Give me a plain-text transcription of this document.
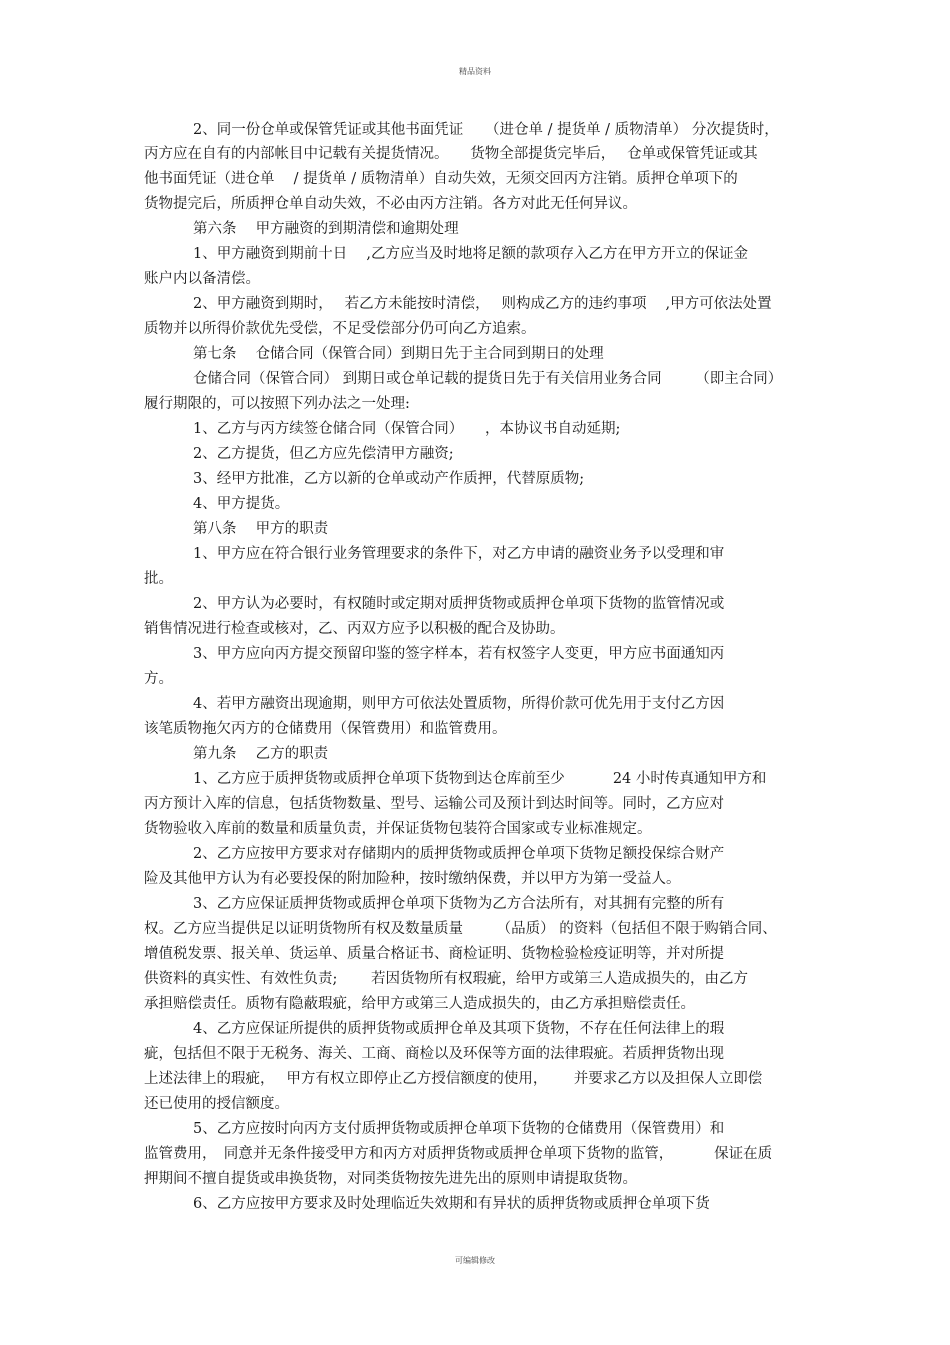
精品资料
2、同一份仓单或保管凭证或其他书面凭证　　（进仓单 / 提货单 / 质物清单） 分次提货时，
丙方应在自有的内部帐目中记载有关提货情况。　　货物全部提货完毕后，　 仓单或保管凭证或其
他书面凭证（进仓单　 / 提货单 / 质物清单）自动失效，无须交回丙方注销。质押仓单项下的
货物提完后，所质押仓单自动失效，不必由丙方注销。各方对此无任何异议。
第六条　 甲方融资的到期清偿和逾期处理
1、甲方融资到期前十日　 ,乙方应当及时地将足额的款项存入乙方在甲方开立的保证金
账户内以备清偿。
2、甲方融资到期时，　 若乙方未能按时清偿，　 则构成乙方的违约事项　 ,甲方可依法处置
质物并以所得价款优先受偿，不足受偿部分仍可向乙方追索。
第七条　 仓储合同（保管合同）到期日先于主合同到期日的处理
仓储合同（保管合同） 到期日或仓单记载的提货日先于有关信用业务合同　　 （即主合同）
履行期限的，可以按照下列办法之一处理:
1、乙方与丙方续签仓储合同（保管合同）　　，本协议书自动延期;
2、乙方提货，但乙方应先偿清甲方融资;
3、经甲方批准，乙方以新的仓单或动产作质押，代替原质物;
4、甲方提货。
第八条　 甲方的职责
1、甲方应在符合银行业务管理要求的条件下，对乙方申请的融资业务予以受理和审
批。
2、甲方认为必要时，有权随时或定期对质押货物或质押仓单项下货物的监管情况或
销售情况进行检查或核对，乙、丙双方应予以积极的配合及协助。
3、甲方应向丙方提交预留印鉴的签字样本，若有权签字人变更，甲方应书面通知丙
方。
4、若甲方融资出现逾期，则甲方可依法处置质物，所得价款可优先用于支付乙方因
该笔质物拖欠丙方的仓储费用（保管费用）和监管费用。
第九条　 乙方的职责
1、乙方应于质押货物或质押仓单项下货物到达仓库前至少　　　 24 小时传真通知甲方和
丙方预计入库的信息，包括货物数量、型号、运输公司及预计到达时间等。同时，乙方应对
货物验收入库前的数量和质量负责，并保证货物包装符合国家或专业标准规定。
2、乙方应按甲方要求对存储期内的质押货物或质押仓单项下货物足额投保综合财产
险及其他甲方认为有必要投保的附加险种，按时缴纳保费，并以甲方为第一受益人。
3、乙方应保证质押货物或质押仓单项下货物为乙方合法所有，对其拥有完整的所有
权。乙方应当提供足以证明货物所有权及数量质量　　 （品质） 的资料（包括但不限于购销合同、
增值税发票、报关单、货运单、质量合格证书、商检证明、货物检验检疫证明等，并对所提
供资料的真实性、有效性负责;　　 若因货物所有权瑕疵，给甲方或第三人造成损失的，由乙方
承担赔偿责任。质物有隐蔽瑕疵，给甲方或第三人造成损失的，由乙方承担赔偿责任。
4、乙方应保证所提供的质押货物或质押仓单及其项下货物，不存在任何法律上的瑕
疵，包括但不限于无税务、海关、工商、商检以及环保等方面的法律瑕疵。若质押货物出现
上述法律上的瑕疵，　 甲方有权立即停止乙方授信额度的使用，　　 并要求乙方以及担保人立即偿
还已使用的授信额度。
5、乙方应按时向丙方支付质押货物或质押仓单项下货物的仓储费用（保管费用）和
监管费用，　同意并无条件接受甲方和丙方对质押货物或质押仓单项下货物的监管，　　　 保证在质
押期间不擅自提货或串换货物，对同类货物按先进先出的原则申请提取货物。
6、乙方应按甲方要求及时处理临近失效期和有异状的质押货物或质押仓单项下货
可编辑修改
